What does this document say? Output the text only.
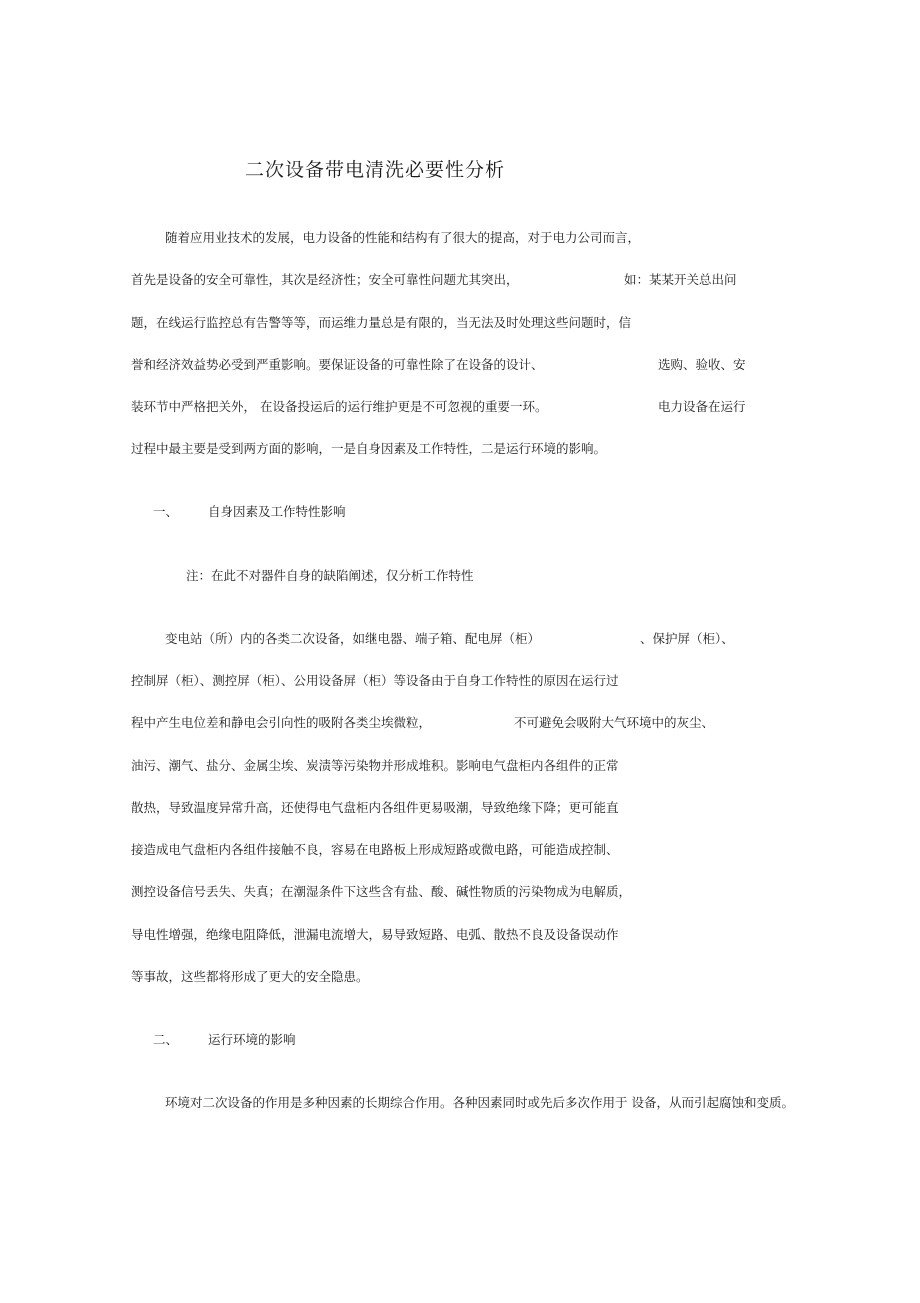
二次设备带电清洗必要性分析
随着应用业技术的发展，电力设备的性能和结构有了很大的提高，对于电力公司而言，
首先是设备的安全可靠性，其次是经济性；安全可靠性问题尤其突出，	如：某某开关总出问
题，在线运行监控总有告警等等，而运维力量总是有限的，当无法及时处理这些问题时，信
誉和经济效益势必受到严重影响。要保证设备的可靠性除了在设备的设计、	选购、验收、安
装环节中严格把关外， 在设备投运后的运行维护更是不可忽视的重要一环。	电力设备在运行
过程中最主要是受到两方面的影响，一是自身因素及工作特性，二是运行环境的影响。
一、 自身因素及工作特性影响
注：在此不对器件自身的缺陷阐述，仅分析工作特性
变电站（所）内的各类二次设备，如继电器、端子箱、配电屏（柜）	、保护屏（柜）、
控制屏（柜）、测控屏（柜）、公用设备屏（柜）等设备由于自身工作特性的原因在运行过
程中产生电位差和静电会引向性的吸附各类尘埃微粒，	不可避免会吸附大气环境中的灰尘、
油污、潮气、盐分、金属尘埃、炭渍等污染物并形成堆积。影响电气盘柜内各组件的正常
散热，导致温度异常升高，还使得电气盘柜内各组件更易吸潮，导致绝缘下降；更可能直
接造成电气盘柜内各组件接触不良，容易在电路板上形成短路或微电路，可能造成控制、
测控设备信号丢失、失真；在潮湿条件下这些含有盐、酸、碱性物质的污染物成为电解质，
导电性增强，绝缘电阻降低，泄漏电流增大，易导致短路、电弧、散热不良及设备误动作
等事故，这些都将形成了更大的安全隐患。
二、 运行环境的影响
环境对二次设备的作用是多种因素的长期综合作用。各种因素同时或先后多次作用于 设备，从而引起腐蚀和变质。
